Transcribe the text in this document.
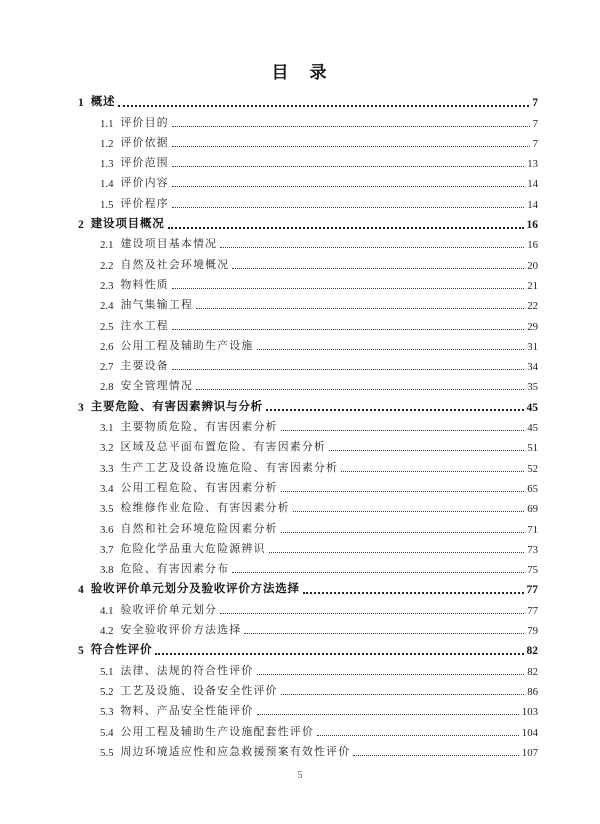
目　录
1 概述	7
1.1 评价目的	7
1.2 评价依据	7
1.3 评价范围	13
1.4 评价内容	14
1.5 评价程序	14
2 建设项目概况	16
2.1 建设项目基本情况	16
2.2 自然及社会环境概况	20
2.3 物料性质	21
2.4 油气集输工程	22
2.5 注水工程	29
2.6 公用工程及辅助生产设施	31
2.7 主要设备	34
2.8 安全管理情况	35
3 主要危险、有害因素辨识与分析	45
3.1 主要物质危险、有害因素分析	45
3.2 区域及总平面布置危险、有害因素分析	51
3.3 生产工艺及设备设施危险、有害因素分析	52
3.4 公用工程危险、有害因素分析	65
3.5 检维修作业危险、有害因素分析	69
3.6 自然和社会环境危险因素分析	71
3.7 危险化学品重大危险源辨识	73
3.8 危险、有害因素分布	75
4 验收评价单元划分及验收评价方法选择	77
4.1 验收评价单元划分	77
4.2 安全验收评价方法选择	79
5 符合性评价	82
5.1 法律、法规的符合性评价	82
5.2 工艺及设施、设备安全性评价	86
5.3 物料、产品安全性能评价	103
5.4 公用工程及辅助生产设施配套性评价	104
5.5 周边环境适应性和应急救援预案有效性评价	107
5
